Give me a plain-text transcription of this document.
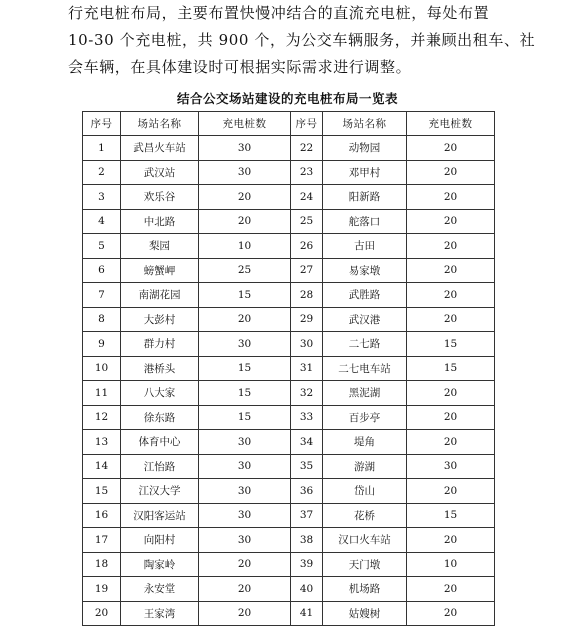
行充电桩布局，主要布置快慢冲结合的直流充电桩，每处布置
10-30 个充电桩，共 900 个，为公交车辆服务，并兼顾出租车、社
会车辆，在具体建设时可根据实际需求进行调整。
结合公交场站建设的充电桩布局一览表
序号	场站名称	充电桩数	序号	场站名称	充电桩数
1	武昌火车站	30	22	动物园	20
2	武汉站	30	23	邓甲村	20
3	欢乐谷	20	24	阳新路	20
4	中北路	20	25	舵落口	20
5	梨园	10	26	古田	20
6	螃蟹岬	25	27	易家墩	20
7	南湖花园	15	28	武胜路	20
8	大彭村	20	29	武汉港	20
9	群力村	30	30	二七路	15
10	港桥头	15	31	二七电车站	15
11	八大家	15	32	黑泥湖	20
12	徐东路	15	33	百步亭	20
13	体育中心	30	34	堤角	20
14	江怡路	30	35	游湖	30
15	江汉大学	30	36	岱山	20
16	汉阳客运站	30	37	花桥	15
17	向阳村	30	38	汉口火车站	20
18	陶家岭	20	39	天门墩	10
19	永安堂	20	40	机场路	20
20	王家湾	20	41	姑嫂树	20
